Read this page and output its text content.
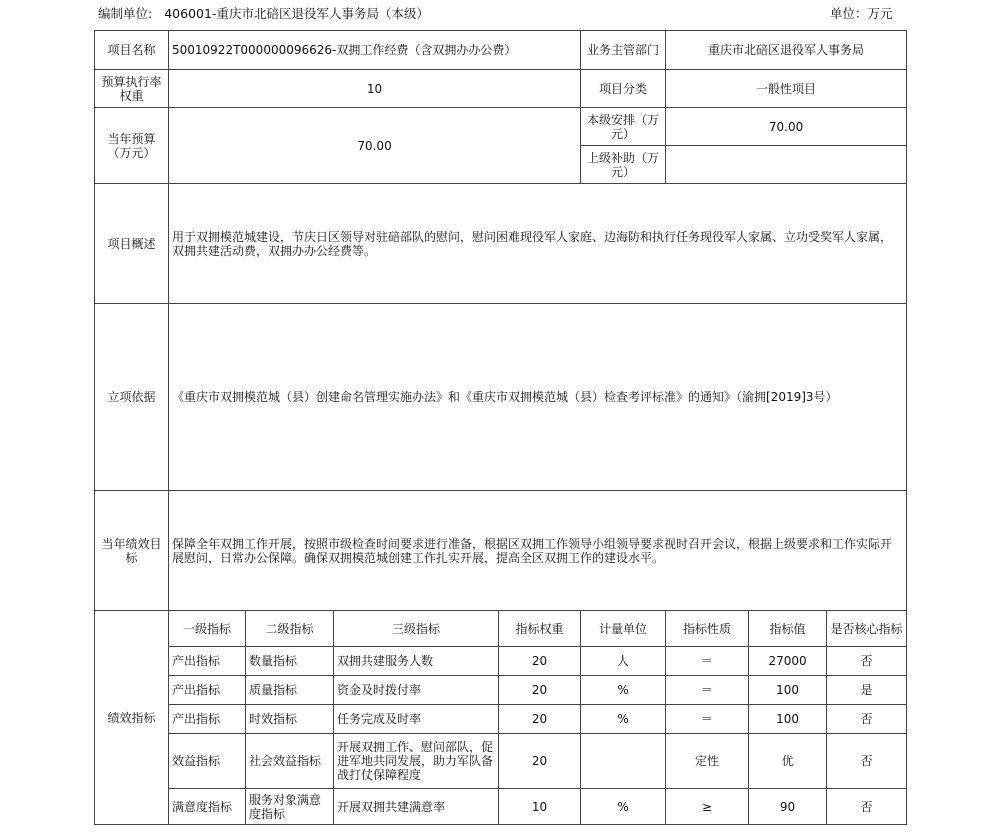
编制单位: 406001-重庆市北碚区退役军人事务局（本级）	单位：万元
项目名称	50010922T000000096626-双拥工作经费（含双拥办办公费）				业务主管部门	重庆市北碚区退役军人事务局		
预算执行率权重	10				项目分类	一般性项目		
当年预算（万元）	70.00				本级安排（万元）	70.00		
					上级补助（万元）			
项目概述	用于双拥模范城建设，节庆日区领导对驻碚部队的慰问，慰问困难现役军人家庭、边海防和执行任务现役军人家属、立功受奖军人家属，双拥共建活动费，双拥办办公经费等。							
立项依据	《重庆市双拥模范城（县）创建命名管理实施办法》和《重庆市双拥模范城（县）检查考评标准》的通知》（渝拥[2019]3号）							
当年绩效目标	保障全年双拥工作开展，按照市级检查时间要求进行准备，根据区双拥工作领导小组领导要求视时召开会议，根据上级要求和工作实际开展慰问，日常办公保障。确保双拥模范城创建工作扎实开展，提高全区双拥工作的建设水平。							
绩效指标	一级指标	二级指标	三级指标	指标权重	计量单位	指标性质	指标值	是否核心指标
	产出指标	数量指标	双拥共建服务人数	20	人	＝	27000	否
	产出指标	质量指标	资金及时拨付率	20	%	＝	100	是
	产出指标	时效指标	任务完成及时率	20	%	＝	100	否
	效益指标	社会效益指标	开展双拥工作、慰问部队，促进军地共同发展，助力军队备战打仗保障程度	20		定性	优	否
	满意度指标	服务对象满意度指标	开展双拥共建满意率	10	%	≥	90	否
